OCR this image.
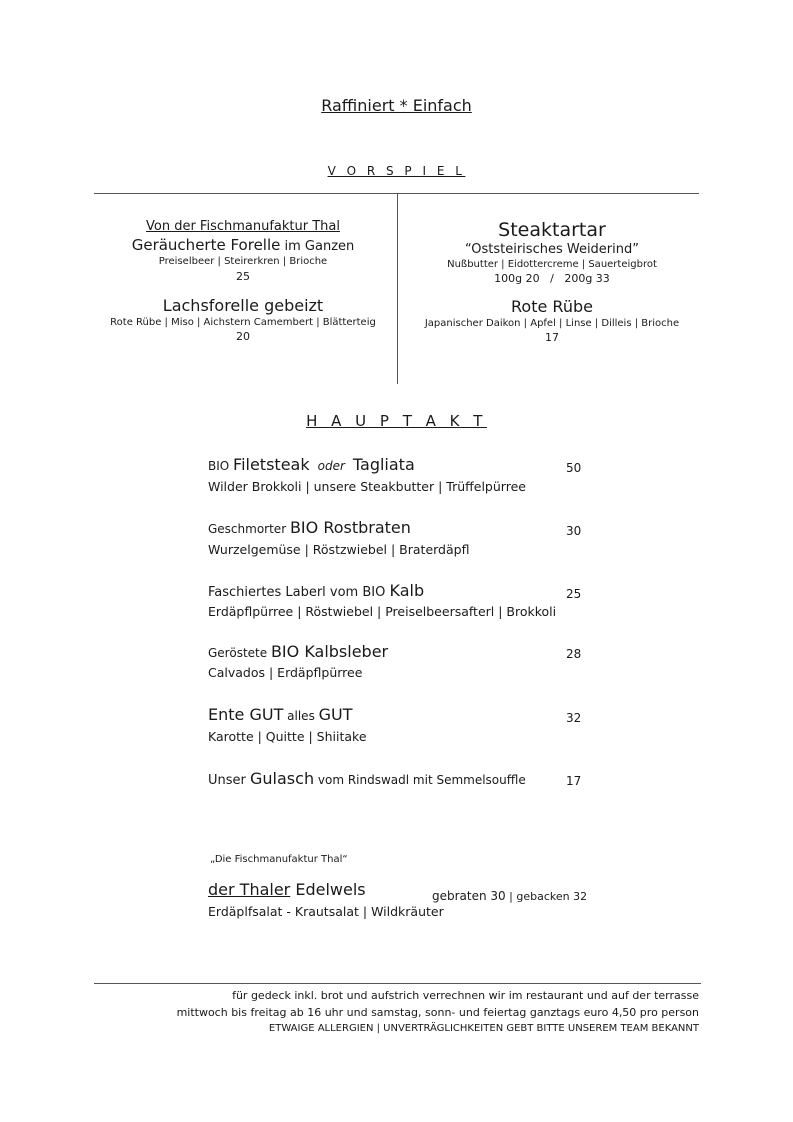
Raffiniert * Einfach
V O R S P I E L
Von der Fischmanufaktur Thal
Geräucherte Forelle im Ganzen
Preiselbeer | Steirerkren | Brioche
25
Lachsforelle gebeizt
Rote Rübe | Miso | Aichstern Camembert | Blätterteig
20
Steaktartar
“Oststeirisches Weiderind”
Nußbutter | Eidottercreme | Sauerteigbrot
100g 20   /   200g 33
Rote Rübe
Japanischer Daikon | Apfel | Linse | Dilleis | Brioche
17
H A U P T A K T
BIO Filetsteak oder Tagliata	50
Wilder Brokkoli | unsere Steakbutter | Trüffelpürree
Geschmorter BIO Rostbraten	30
Wurzelgemüse | Röstzwiebel | Braterdäpfl
Faschiertes Laberl vom BIO Kalb	25
Erdäpflpürree | Röstwiebel | Preiselbeersafterl | Brokkoli
Geröstete BIO Kalbsleber	28
Calvados | Erdäpflpürree
Ente GUT alles GUT	32
Karotte | Quitte | Shiitake
Unser Gulasch vom Rindswadl mit Semmelsouffle	17
„Die Fischmanufaktur Thal“
der Thaler Edelwels	gebraten 30 | gebacken 32
Erdäplfsalat - Krautsalat | Wildkräuter
für gedeck inkl. brot und aufstrich verrechnen wir im restaurant und auf der terrasse
mittwoch bis freitag ab 16 uhr und samstag, sonn- und feiertag ganztags euro 4,50 pro person
ETWAIGE ALLERGIEN | UNVERTRÄGLICHKEITEN GEBT BITTE UNSEREM TEAM BEKANNT
